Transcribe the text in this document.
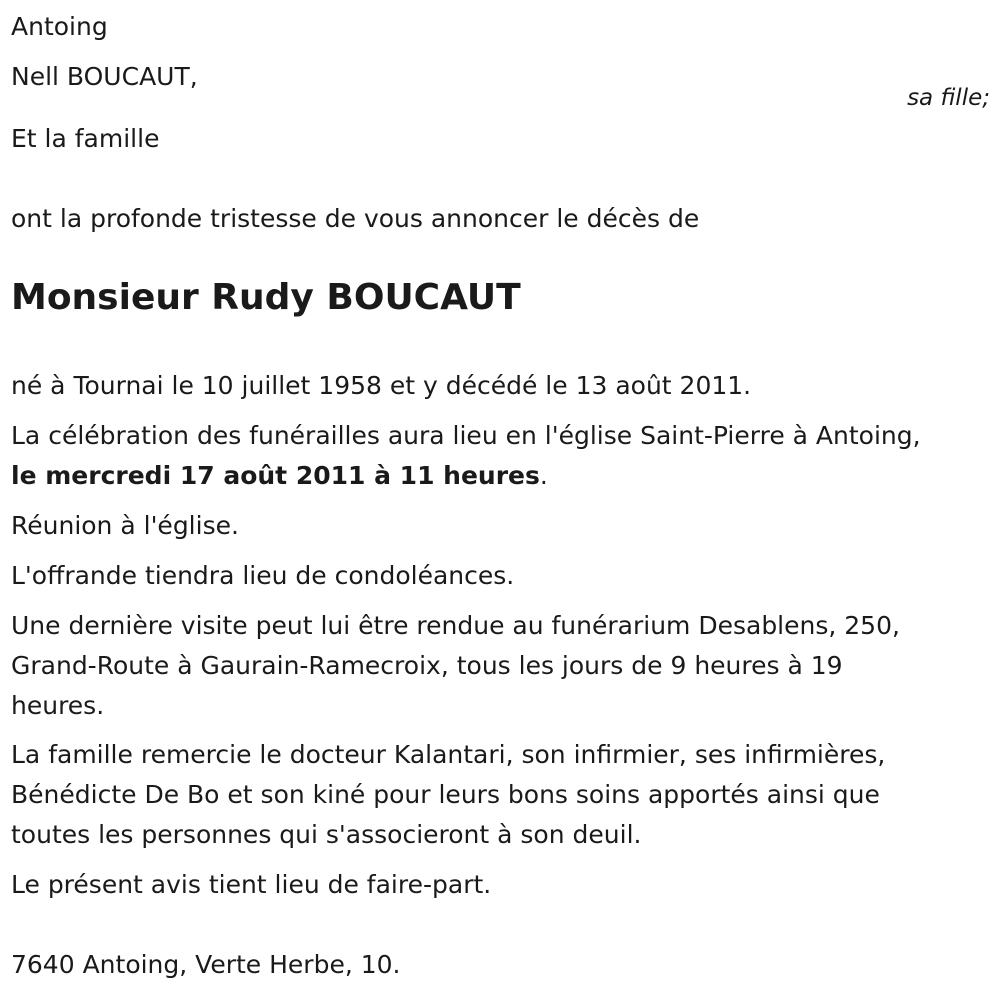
Antoing
Nell BOUCAUT,
sa fille;
Et la famille
ont la profonde tristesse de vous annoncer le décès de
Monsieur Rudy BOUCAUT
né à Tournai le 10 juillet 1958 et y décédé le 13 août 2011.
La célébration des funérailles aura lieu en l'église Saint-Pierre à Antoing,
le mercredi 17 août 2011 à 11 heures.
Réunion à l'église.
L'offrande tiendra lieu de condoléances.
Une dernière visite peut lui être rendue au funérarium Desablens, 250,
Grand-Route à Gaurain-Ramecroix, tous les jours de 9 heures à 19
heures.
La famille remercie le docteur Kalantari, son infirmier, ses infirmières,
Bénédicte De Bo et son kiné pour leurs bons soins apportés ainsi que
toutes les personnes qui s'associeront à son deuil.
Le présent avis tient lieu de faire-part.
7640 Antoing, Verte Herbe, 10.
